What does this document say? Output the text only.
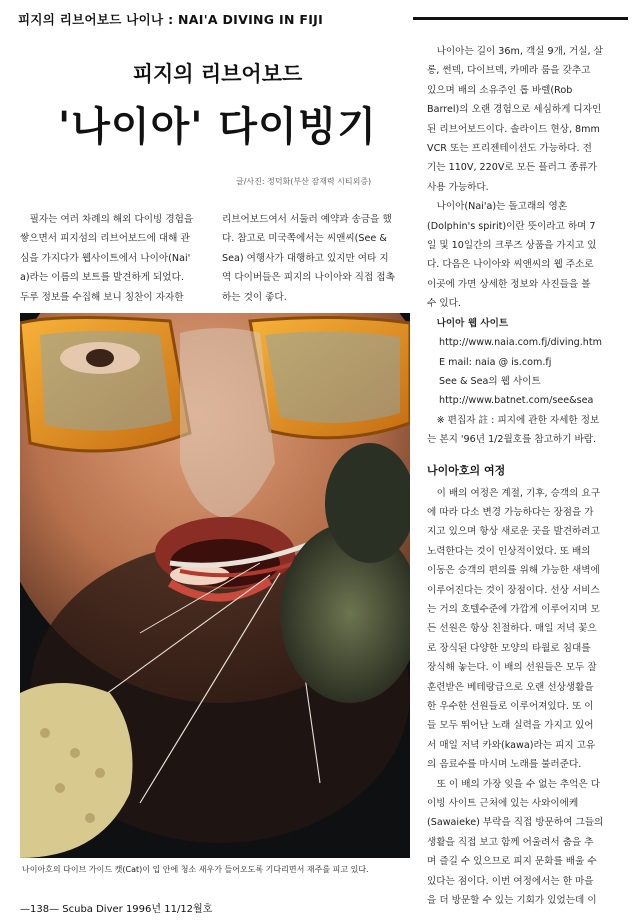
피지의 리브어보드 나이나 : NAI'A DIVING IN FIJI
피지의 리브어보드
'나이아' 다이빙기
글/사진: 정덕화(부산 잠재력 시티외증)
필자는 여러 차례의 해외 다이빙 경험을
쌓으면서 피지섬의 리브어보드에 대해 관
심을 가지다가 웹사이트에서 나이아(Nai'
a)라는 이름의 보트를 발견하게 되었다.
두루 정보를 수집해 보니 칭찬이 자자한
리브어보드여서 서둘러 예약과 송금을 했
다. 참고로 미국쪽에서는 씨앤씨(See &
Sea) 여행사가 대행하고 있지만 여타 지
역 다이버들은 피지의 나이아와 직접 접촉
하는 것이 좋다.
나이아호의 다이브 가이드 캣(Cat)이 입 안에 청소 새우가 들어오도록 기다리면서 재주를 피고 있다.
나이아는 길이 36m, 객실 9개, 거실, 살
롱, 썬덱, 다이브덱, 카메라 룸을 갖추고
있으며 배의 소유주인 롭 바렐(Rob
Barrel)의 오랜 경험으로 세심하게 디자인
된 리브어보드이다. 솔라이드 현상, 8mm
VCR 또는 프리젠테이션도 가능하다. 전
기는 110V, 220V로 모든 플러그 종류가
사용 가능하다.
나이아(Nai'a)는 돌고래의 영혼
(Dolphin's spirit)이란 뜻이라고 하며 7
일 및 10일간의 크루즈 상품을 가지고 있
다. 다음은 나이아와 씨앤씨의 웹 주소로
이곳에 가면 상세한 정보와 사진들을 볼
수 있다.
나이아 웹 사이트
http://www.naia.com.fj/diving.htm
E mail: naia @ is.com.fj
See & Sea의 웹 사이트
http://www.batnet.com/see&sea
※ 편집자 註 : 피지에 관한 자세한 정보
는 본지 '96년 1/2월호를 참고하기 바람.
나이아호의 여정
이 배의 여정은 계절, 기후, 승객의 요구
에 따라 다소 변경 가능하다는 장점을 가
지고 있으며 항상 새로운 곳을 발견하려고
노력한다는 것이 인상적이었다. 또 배의
이동은 승객의 편의를 위해 가능한 새벽에
이루어진다는 것이 장점이다. 선상 서비스
는 거의 호텔수준에 가깝게 이루어지며 모
든 선원은 항상 친절하다. 매일 저녁 꽃으
로 장식된 다양한 모양의 타월로 침대를
장식해 놓는다. 이 배의 선원들은 모두 잘
훈련받은 베테랑급으로 오랜 선상생활을
한 우수한 선원들로 이루어져있다. 또 이
들 모두 뛰어난 노래 실력을 가지고 있어
서 매일 저녁 카와(kawa)라는 피지 고유
의 음료수를 마시며 노래를 불러준다.
또 이 배의 가장 잊을 수 없는 추억은 다
이빙 사이트 근처에 있는 사와이에케
(Sawaieke) 부락을 직접 방문하여 그들의
생활을 직접 보고 함께 어울려서 춤을 추
며 즐길 수 있으므로 피지 문화를 배울 수
있다는 점이다. 이번 여정에서는 한 마을
을 더 방문할 수 있는 기회가 있었는데 이
—138— Scuba Diver 1996년 11/12월호
